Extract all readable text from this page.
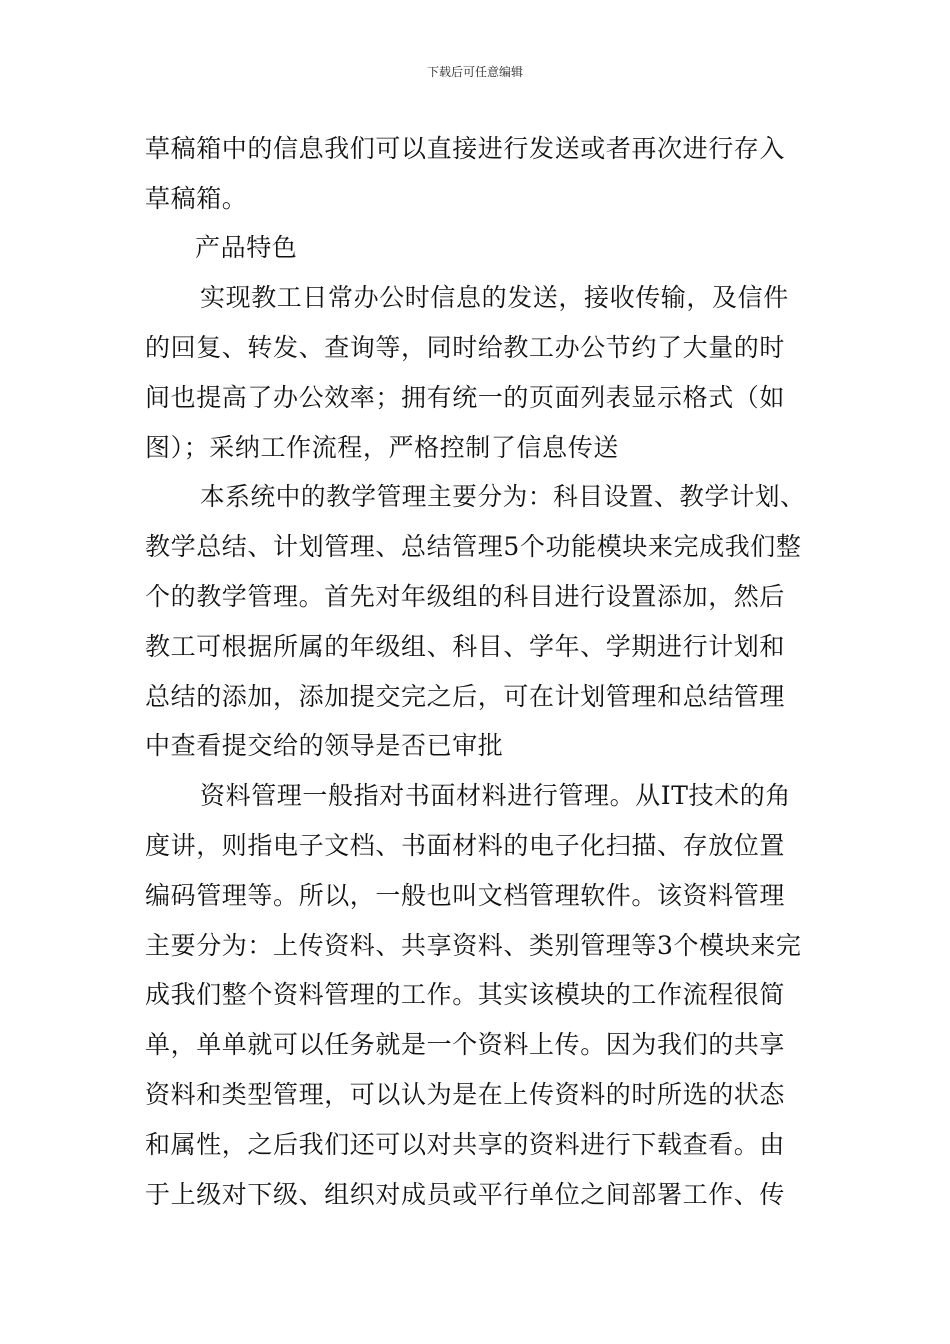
下载后可任意编辑
草稿箱中的信息我们可以直接进行发送或者再次进行存入
草稿箱。
产品特色
实现教工日常办公时信息的发送，接收传输，及信件
的回复、转发、查询等，同时给教工办公节约了大量的时
间也提高了办公效率；拥有统一的页面列表显示格式（如
图）；采纳工作流程，严格控制了信息传送
本系统中的教学管理主要分为：科目设置、教学计划、
教学总结、计划管理、总结管理5个功能模块来完成我们整
个的教学管理。首先对年级组的科目进行设置添加，然后
教工可根据所属的年级组、科目、学年、学期进行计划和
总结的添加，添加提交完之后，可在计划管理和总结管理
中查看提交给的领导是否已审批
资料管理一般指对书面材料进行管理。从IT技术的角
度讲，则指电子文档、书面材料的电子化扫描、存放位置
编码管理等。所以，一般也叫文档管理软件。该资料管理
主要分为：上传资料、共享资料、类别管理等3个模块来完
成我们整个资料管理的工作。其实该模块的工作流程很简
单，单单就可以任务就是一个资料上传。因为我们的共享
资料和类型管理，可以认为是在上传资料的时所选的状态
和属性，之后我们还可以对共享的资料进行下载查看。由
于上级对下级、组织对成员或平行单位之间部署工作、传
